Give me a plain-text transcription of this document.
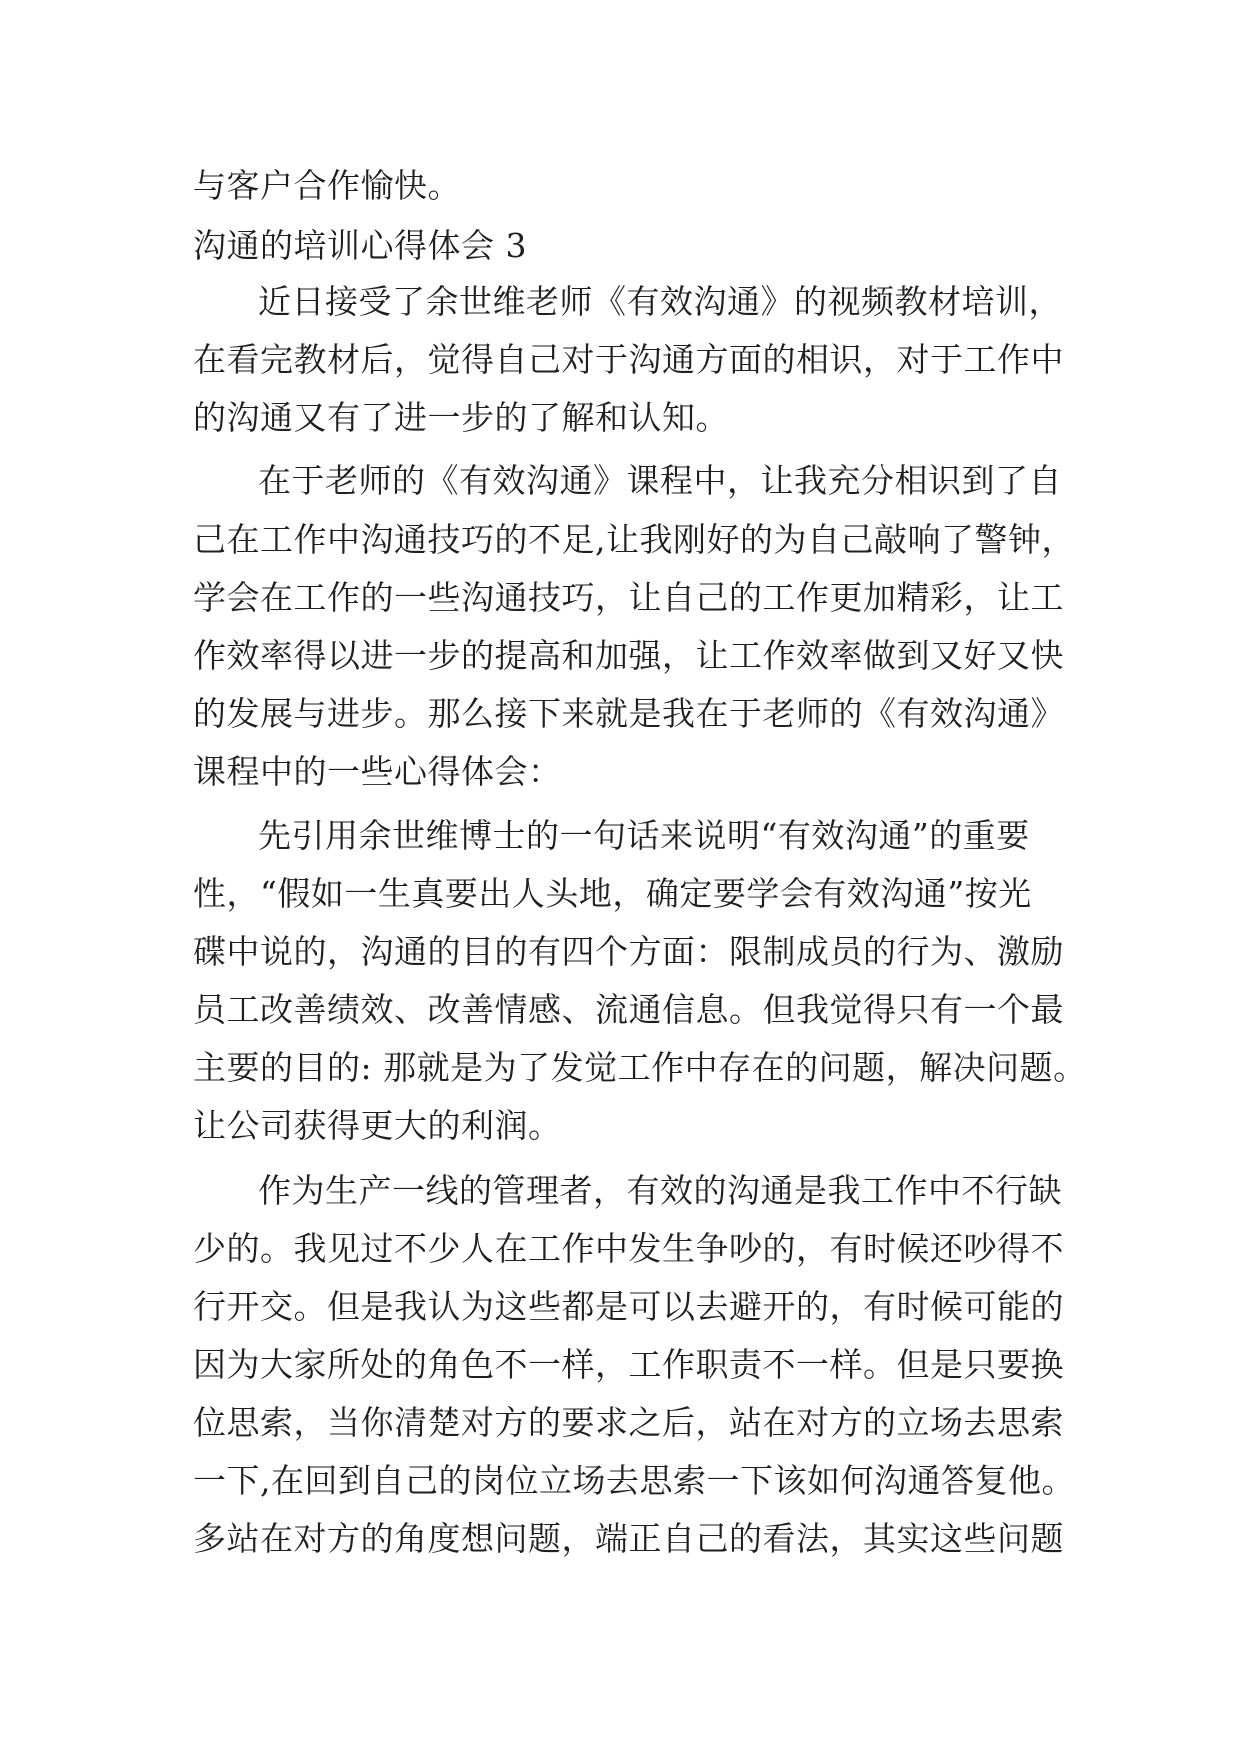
与客户合作愉快。
沟通的培训心得体会 3
近日接受了余世维老师《有效沟通》的视频教材培训，
在看完教材后，觉得自己对于沟通方面的相识，对于工作中
的沟通又有了进一步的了解和认知。
在于老师的《有效沟通》课程中，让我充分相识到了自
己在工作中沟通技巧的不足,让我刚好的为自己敲响了警钟，
学会在工作的一些沟通技巧，让自己的工作更加精彩，让工
作效率得以进一步的提高和加强，让工作效率做到又好又快
的发展与进步。那么接下来就是我在于老师的《有效沟通》
课程中的一些心得体会：
先引用余世维博士的一句话来说明“有效沟通”的重要
性，“假如一生真要出人头地，确定要学会有效沟通”按光
碟中说的，沟通的目的有四个方面：限制成员的行为、激励
员工改善绩效、改善情感、流通信息。但我觉得只有一个最
主要的目的: 那就是为了发觉工作中存在的问题，解决问题。
让公司获得更大的利润。
作为生产一线的管理者，有效的沟通是我工作中不行缺
少的。我见过不少人在工作中发生争吵的，有时候还吵得不
行开交。但是我认为这些都是可以去避开的，有时候可能的
因为大家所处的角色不一样，工作职责不一样。但是只要换
位思索，当你清楚对方的要求之后，站在对方的立场去思索
一下,在回到自己的岗位立场去思索一下该如何沟通答复他。
多站在对方的角度想问题，端正自己的看法，其实这些问题
